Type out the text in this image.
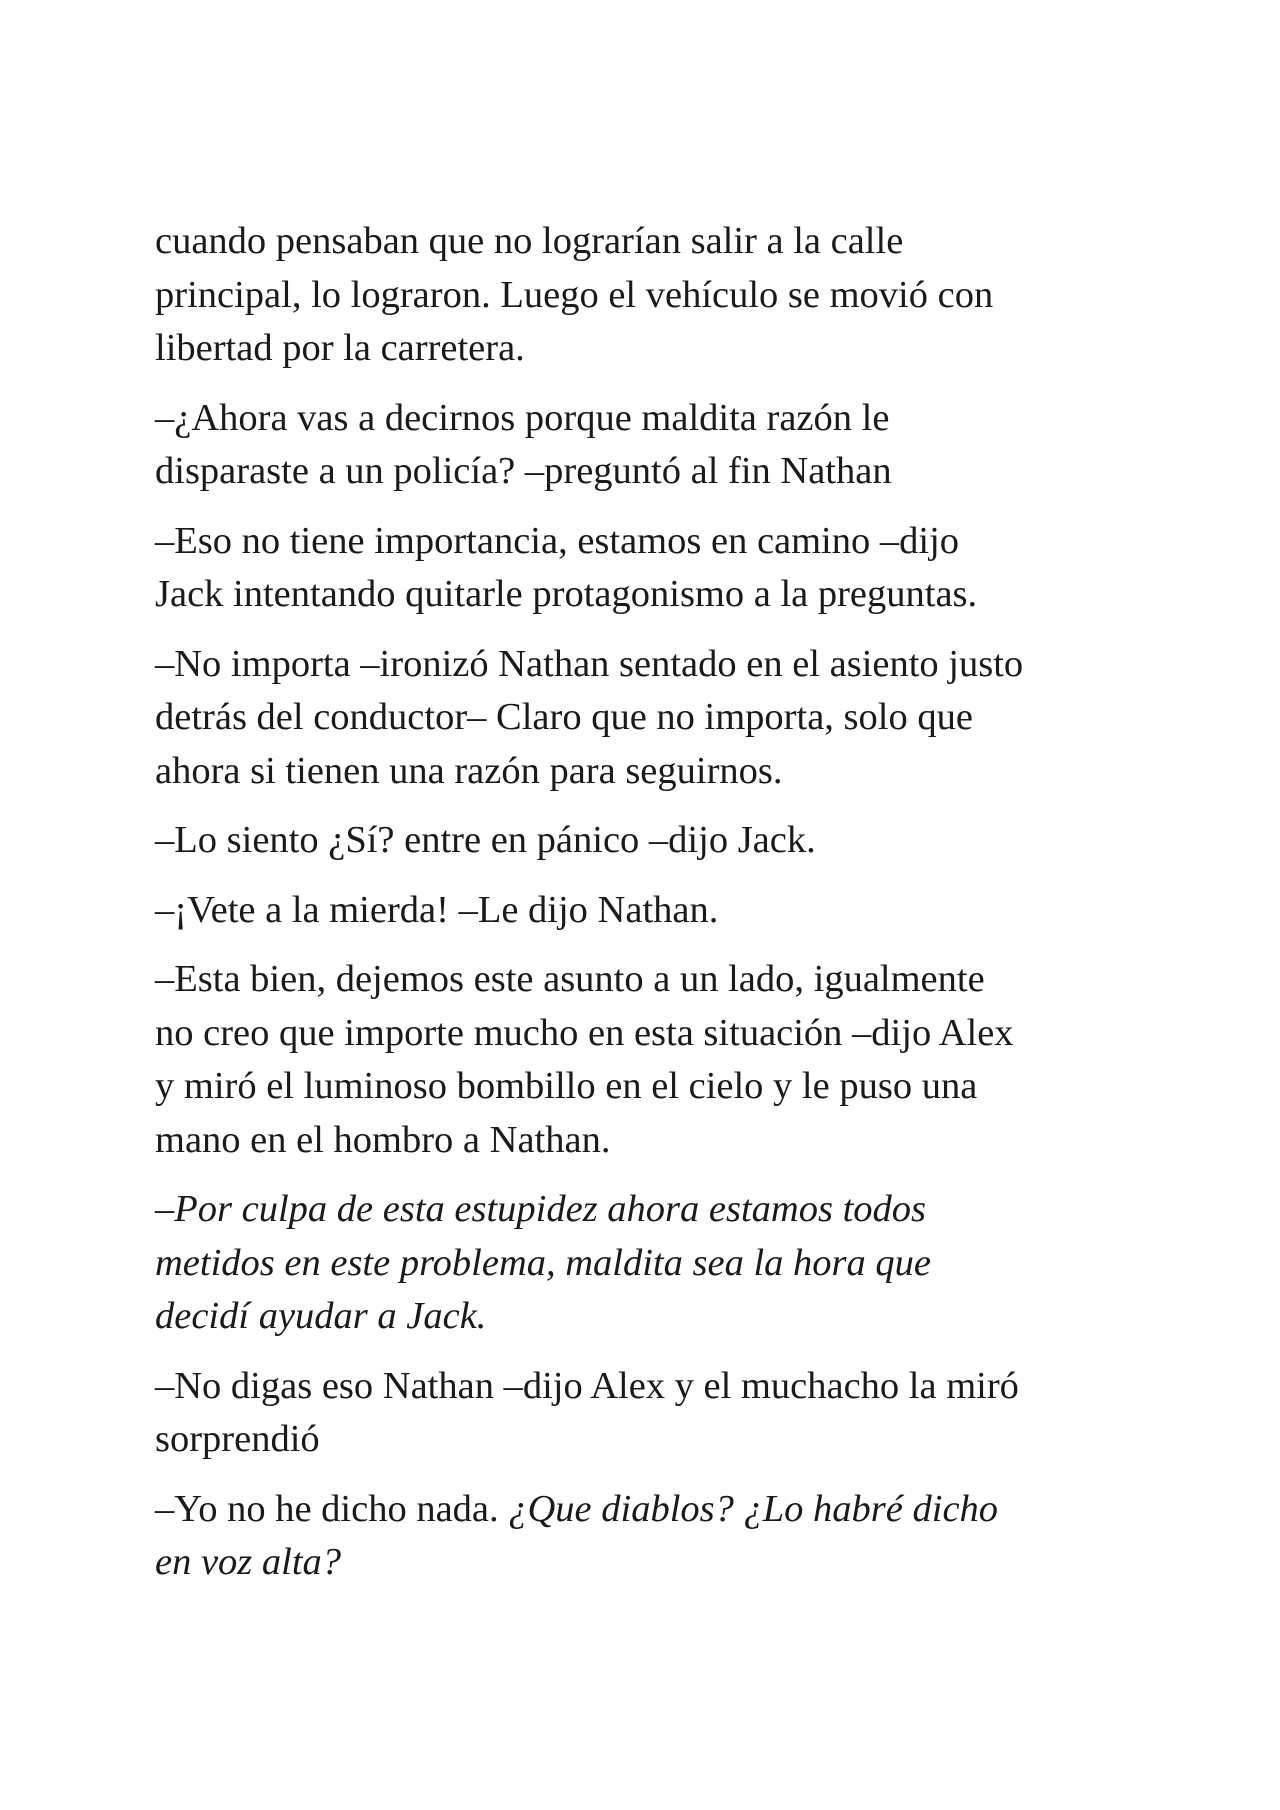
cuando pensaban que no lograrían salir a la calle
principal, lo lograron. Luego el vehículo se movió con
libertad por la carretera.

–¿Ahora vas a decirnos porque maldita razón le
disparaste a un policía? –preguntó al fin Nathan

–Eso no tiene importancia, estamos en camino –dijo
Jack intentando quitarle protagonismo a la preguntas.

–No importa –ironizó Nathan sentado en el asiento justo
detrás del conductor– Claro que no importa, solo que
ahora si tienen una razón para seguirnos.

–Lo siento ¿Sí? entre en pánico –dijo Jack.

–¡Vete a la mierda! –Le dijo Nathan.

–Esta bien, dejemos este asunto a un lado, igualmente
no creo que importe mucho en esta situación –dijo Alex
y miró el luminoso bombillo en el cielo y le puso una
mano en el hombro a Nathan.

–Por culpa de esta estupidez ahora estamos todos
metidos en este problema, maldita sea la hora que
decidí ayudar a Jack.

–No digas eso Nathan –dijo Alex y el muchacho la miró
sorprendió

–Yo no he dicho nada. ¿Que diablos? ¿Lo habré dicho
en voz alta?
